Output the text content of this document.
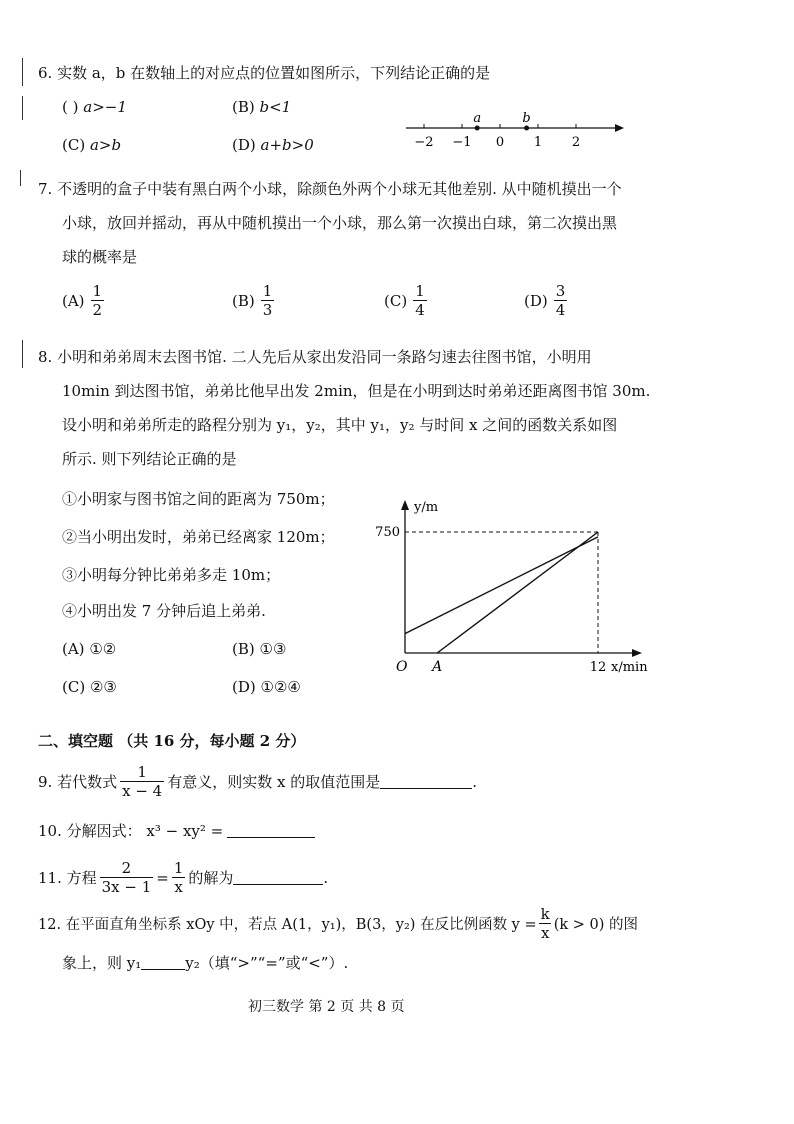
6. 实数 a，b 在数轴上的对应点的位置如图所示，下列结论正确的是
( ) a>−1	(B) b<1
(C) a>b	(D) a+b>0	−2 −1 0 1 2
a	b
7. 不透明的盒子中装有黑白两个小球，除颜色外两个小球无其他差别. 从中随机摸出一个
小球，放回并摇动，再从中随机摸出一个小球，那么第一次摸出白球，第二次摸出黑
球的概率是
$(A) \frac{1}{2}$	$(B) \frac{1}{3}$	$(C) \frac{1}{4}$	$(D) \frac{3}{4}$
8. 小明和弟弟周末去图书馆. 二人先后从家出发沿同一条路匀速去往图书馆，小明用
10min 到达图书馆，弟弟比他早出发 2min，但是在小明到达时弟弟还距离图书馆 30m.
设小明和弟弟所走的路程分别为 y₁，y₂，其中 y₁，y₂ 与时间 x 之间的函数关系如图
所示. 则下列结论正确的是
①小明家与图书馆之间的距离为 750m；
②当小明出发时，弟弟已经离家 120m；
③小明每分钟比弟弟多走 10m；
④小明出发 7 分钟后追上弟弟.
(A) ①②	(B) ①③
(C) ②③	(D) ①②④
y/m
750
12 x/min
O A
二、填空题 （共 16 分，每小题 2 分）
9. 若代数式 $\frac{1}{x - 4}$ 有意义，则实数 x 的取值范围是	.
10. 分解因式： x³ − xy² =
11. 方程 $\frac{2}{3x - 1} = \frac{1}{x}$ 的解为	.
12. 在平面直角坐标系 xOy 中，若点 A(1，y₁)，B(3，y₂) 在反比例函数 $y = \frac{k}{x} (k > 0)$ 的图
象上，则 y₁	y₂（填“>”“=”或“<”）.
初三数学 第 2 页 共 8 页
